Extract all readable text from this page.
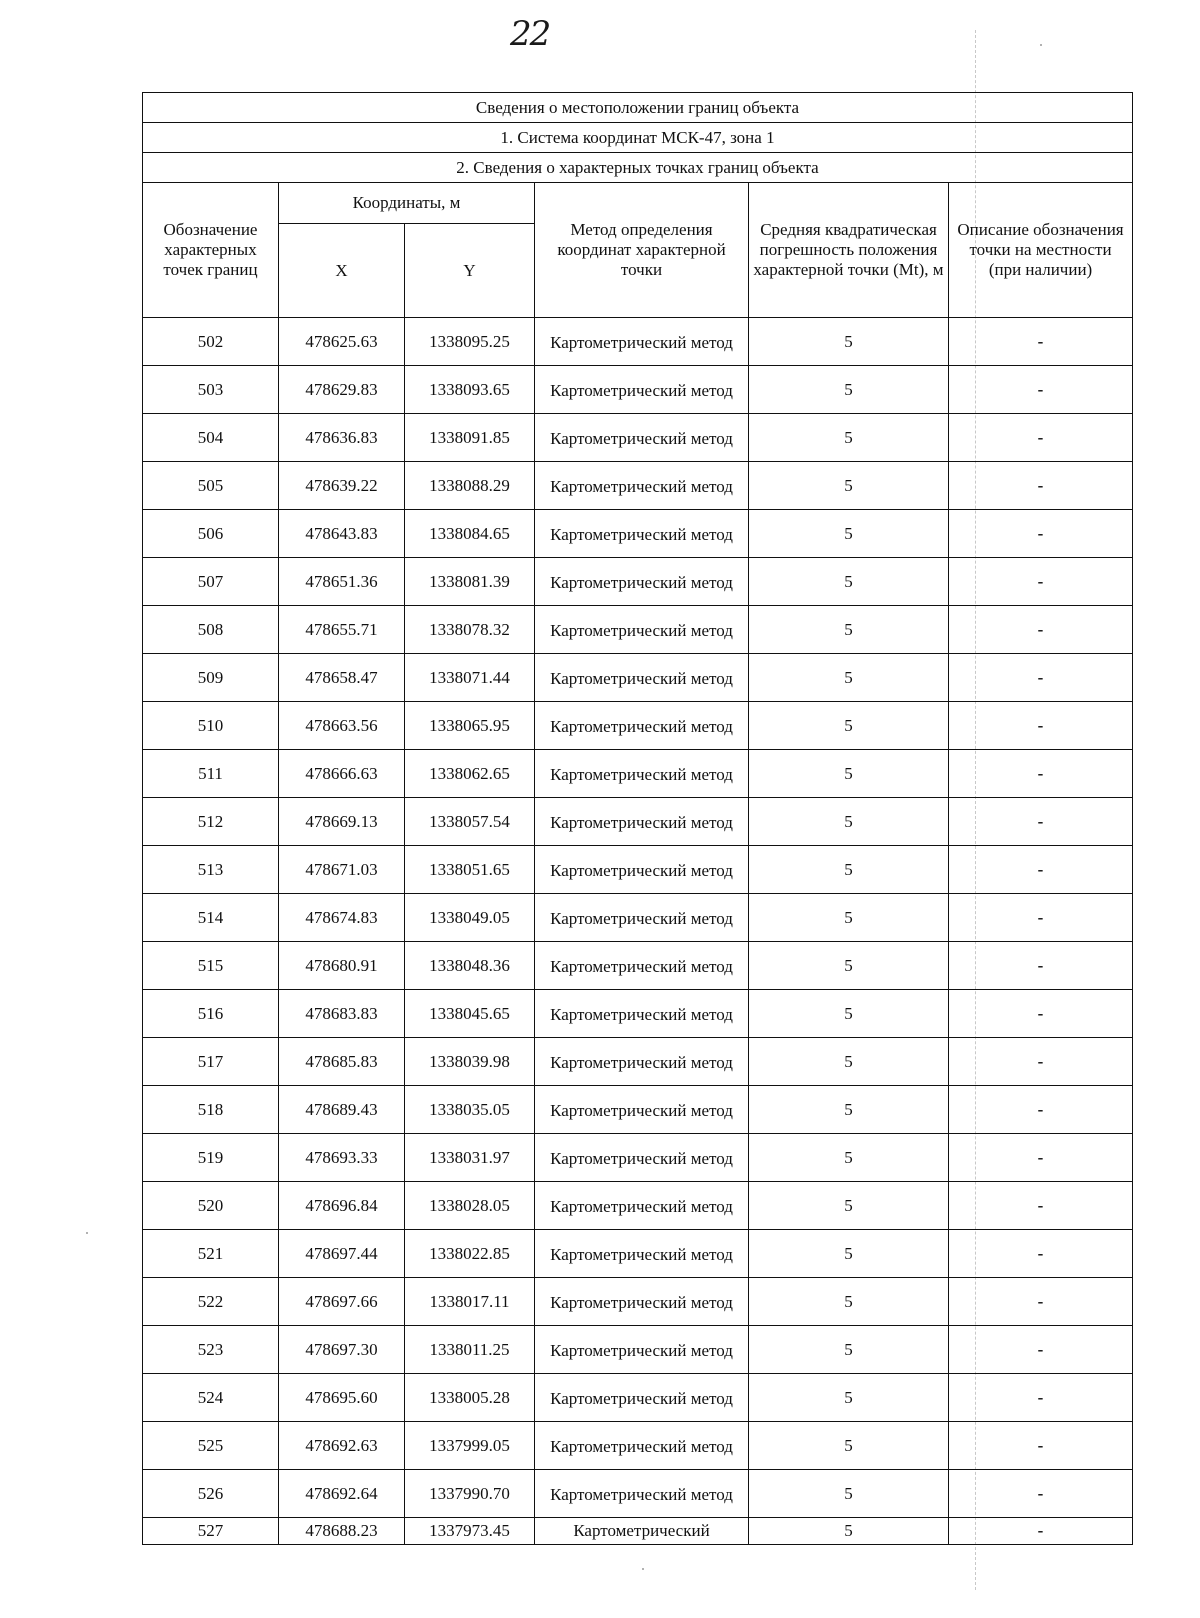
22
Сведения о местоположении границ объекта					
1. Система координат МСК-47, зона 1					
2. Сведения о характерных точках границ объекта					
Обозначение характерных точек границ	Координаты, м		Метод определения координат характерной точки	Средняя квадратическая погрешность положения характерной точки (Mt), м	Описание обозначения точки на местности (при наличии)
	X	Y			
502	478625.63	1338095.25	Картометрический метод	5	-
503	478629.83	1338093.65	Картометрический метод	5	-
504	478636.83	1338091.85	Картометрический метод	5	-
505	478639.22	1338088.29	Картометрический метод	5	-
506	478643.83	1338084.65	Картометрический метод	5	-
507	478651.36	1338081.39	Картометрический метод	5	-
508	478655.71	1338078.32	Картометрический метод	5	-
509	478658.47	1338071.44	Картометрический метод	5	-
510	478663.56	1338065.95	Картометрический метод	5	-
511	478666.63	1338062.65	Картометрический метод	5	-
512	478669.13	1338057.54	Картометрический метод	5	-
513	478671.03	1338051.65	Картометрический метод	5	-
514	478674.83	1338049.05	Картометрический метод	5	-
515	478680.91	1338048.36	Картометрический метод	5	-
516	478683.83	1338045.65	Картометрический метод	5	-
517	478685.83	1338039.98	Картометрический метод	5	-
518	478689.43	1338035.05	Картометрический метод	5	-
519	478693.33	1338031.97	Картометрический метод	5	-
520	478696.84	1338028.05	Картометрический метод	5	-
521	478697.44	1338022.85	Картометрический метод	5	-
522	478697.66	1338017.11	Картометрический метод	5	-
523	478697.30	1338011.25	Картометрический метод	5	-
524	478695.60	1338005.28	Картометрический метод	5	-
525	478692.63	1337999.05	Картометрический метод	5	-
526	478692.64	1337990.70	Картометрический метод	5	-
527	478688.23	1337973.45	Картометрический	5	-
